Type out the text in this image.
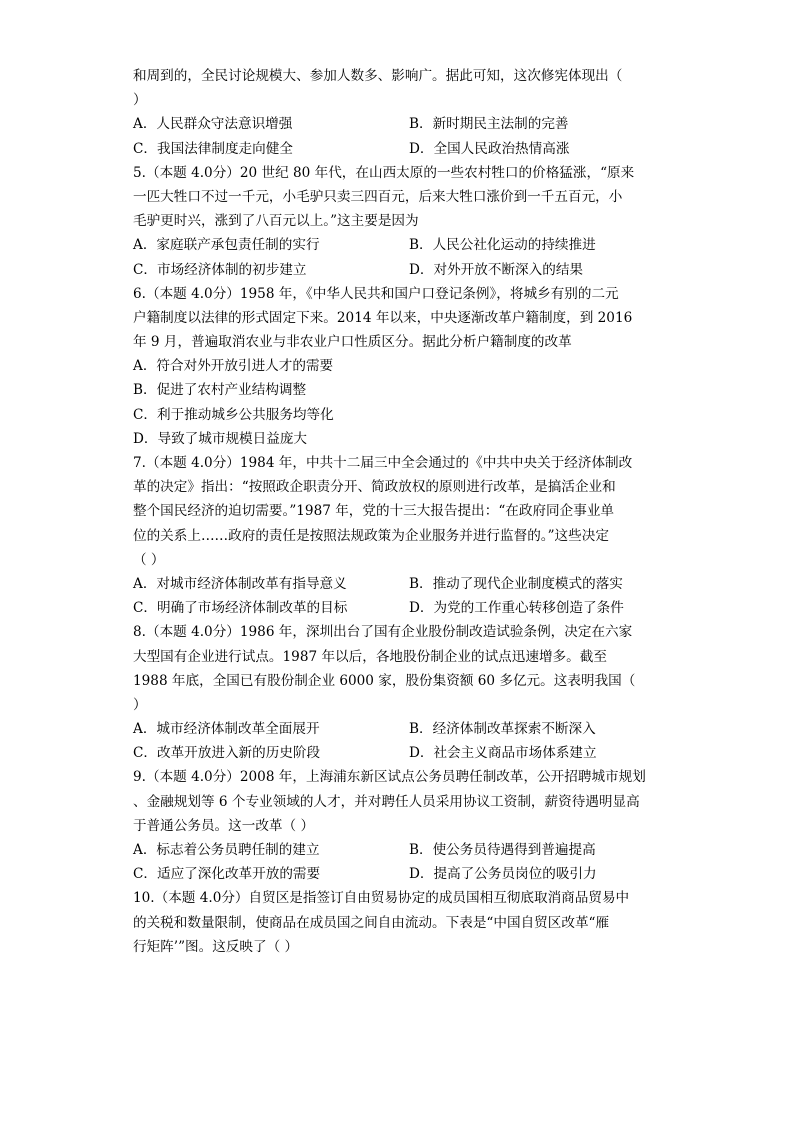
和周到的，全民讨论规模大、参加人数多、影响广。据此可知，这次修宪体现出（
）
A．人民群众守法意识增强	B．新时期民主法制的完善
C．我国法律制度走向健全	D．全国人民政治热情高涨
5.（本题 4.0分）20 世纪 80 年代，在山西太原的一些农村牲口的价格猛涨，“原来
一匹大牲口不过一千元，小毛驴只卖三四百元，后来大牲口涨价到一千五百元，小
毛驴更时兴，涨到了八百元以上。”这主要是因为
A．家庭联产承包责任制的实行	B．人民公社化运动的持续推进
C．市场经济体制的初步建立	D．对外开放不断深入的结果
6.（本题 4.0分）1958 年，《中华人民共和国户口登记条例》，将城乡有别的二元
户籍制度以法律的形式固定下来。2014 年以来，中央逐渐改革户籍制度，到 2016
年 9 月，普遍取消农业与非农业户口性质区分。据此分析户籍制度的改革
A．符合对外开放引进人才的需要
B．促进了农村产业结构调整
C．利于推动城乡公共服务均等化
D．导致了城市规模日益庞大
7.（本题 4.0分）1984 年，中共十二届三中全会通过的《中共中央关于经济体制改
革的决定》指出：“按照政企职责分开、简政放权的原则进行改革，是搞活企业和
整个国民经济的迫切需要。”1987 年，党的十三大报告提出：“在政府同企事业单
位的关系上……政府的责任是按照法规政策为企业服务并进行监督的。”这些决定
（ ）
A．对城市经济体制改革有指导意义	B．推动了现代企业制度模式的落实
C．明确了市场经济体制改革的目标	D．为党的工作重心转移创造了条件
8.（本题 4.0分）1986 年，深圳出台了国有企业股份制改造试验条例，决定在六家
大型国有企业进行试点。1987 年以后，各地股份制企业的试点迅速增多。截至
1988 年底，全国已有股份制企业 6000 家，股份集资额 60 多亿元。这表明我国（
）
A．城市经济体制改革全面展开	B．经济体制改革探索不断深入
C．改革开放进入新的历史阶段	D．社会主义商品市场体系建立
9.（本题 4.0分）2008 年，上海浦东新区试点公务员聘任制改革，公开招聘城市规划
、金融规划等 6 个专业领域的人才，并对聘任人员采用协议工资制，薪资待遇明显高
于普通公务员。这一改革（ ）
A．标志着公务员聘任制的建立	B．使公务员待遇得到普遍提高
C．适应了深化改革开放的需要	D．提高了公务员岗位的吸引力
10.（本题 4.0分）自贸区是指签订自由贸易协定的成员国相互彻底取消商品贸易中
的关税和数量限制，使商品在成员国之间自由流动。下表是“中国自贸区改革“雁
行矩阵’”图。这反映了（ ）
